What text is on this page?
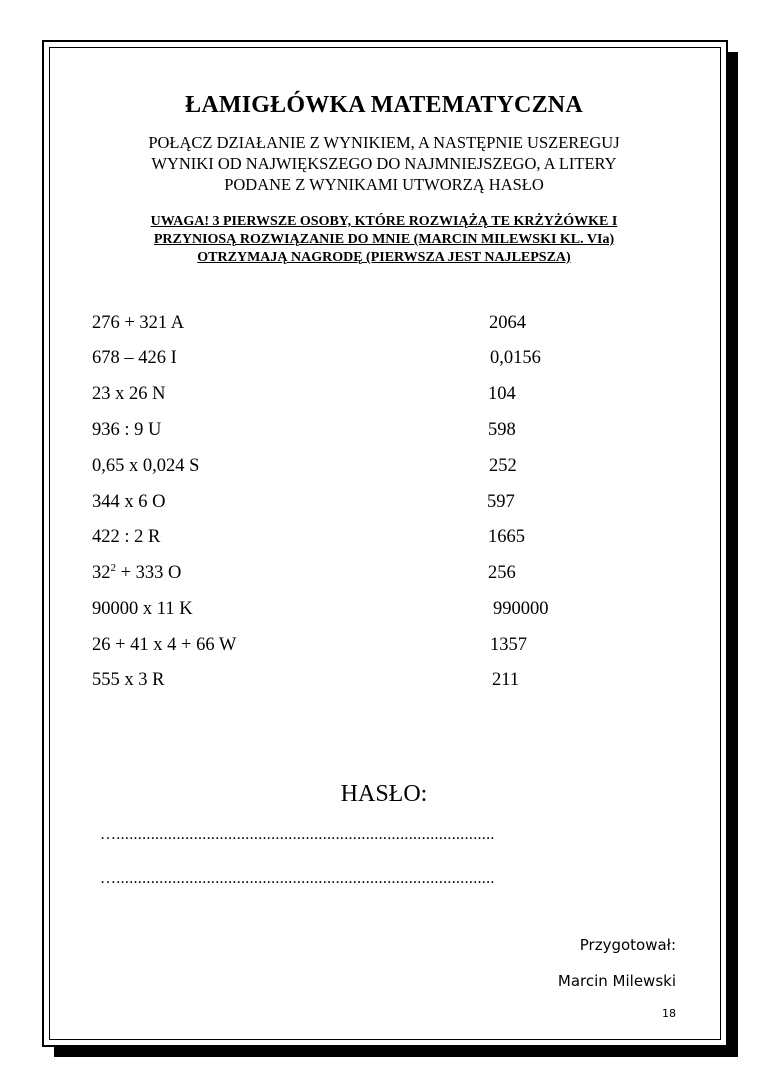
ŁAMIGŁÓWKA MATEMATYCZNA
POŁĄCZ DZIAŁANIE Z WYNIKIEM, A NASTĘPNIE USZEREGUJ
WYNIKI OD NAJWIĘKSZEGO DO NAJMNIEJSZEGO, A LITERY
PODANE Z WYNIKAMI UTWORZĄ HASŁO
UWAGA! 3 PIERWSZE OSOBY, KTÓRE ROZWIĄŻĄ TE KRŻYŻÓWKE I
PRZYNIOSĄ ROZWIĄZANIE DO MNIE (MARCIN MILEWSKI KL. VIa)
OTRZYMAJĄ NAGRODĘ (PIERWSZA JEST NAJLEPSZA)
276 + 321 A
678 – 426 I
23 x 26 N
936 : 9 U
0,65 x 0,024 S
344 x 6 O
422 : 2 R
$32^2 + 333$ O
90000 x 11 K
26 + 41 x 4 + 66 W
555 x 3 R
2064
0,0156
104
598
252
597
1665
256
990000
1357
211
HASŁO:
…........................................................................................
…........................................................................................
Przygotował:
Marcin Milewski
18
